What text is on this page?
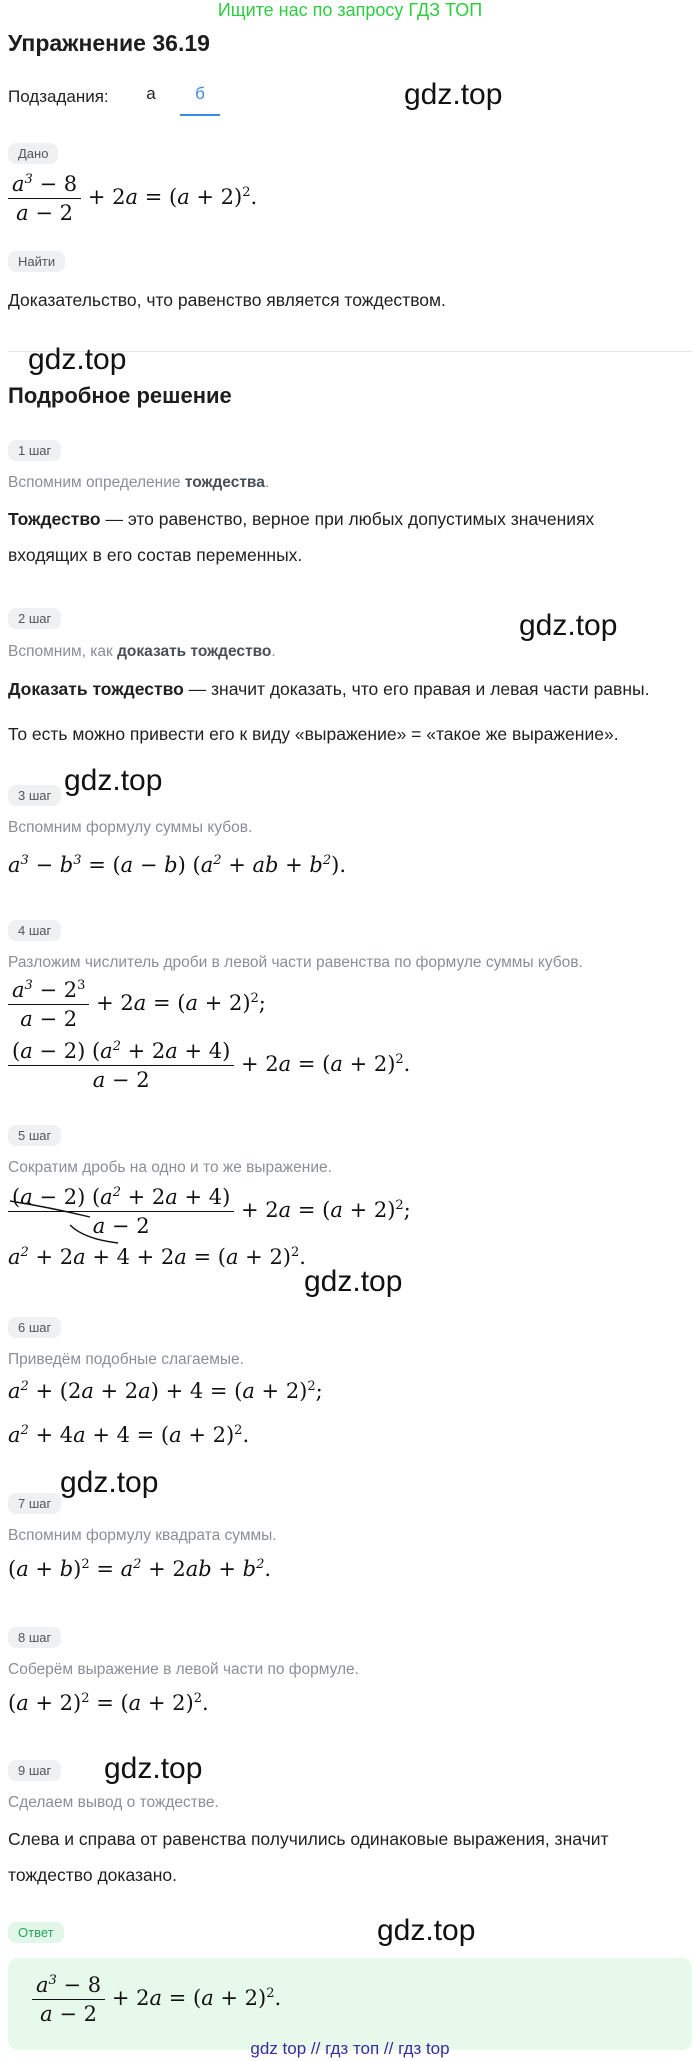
Ищите нас по запросу ГДЗ ТОП
Упражнение 36.19
Подзадания:	а	б	gdz.top
Дано
$\frac{a^3 - 8}{a - 2} + 2a = (a + 2)^2$.
Найти
Доказательство, что равенство является тождеством.
gdz.top
Подробное решение
1 шаг
Вспомним определение тождества.
Тождество — это равенство, верное при любых допустимых значениях входящих в его состав переменных.
2 шаг	gdz.top
Вспомним, как доказать тождество.
Доказать тождество — значит доказать, что его правая и левая части равны.
То есть можно привести его к виду «выражение» = «такое же выражение».
3 шаг gdz.top
Вспомним формулу суммы кубов.
$a^3 - b^3 = (a - b) (a^2$ + ab + $b^2$).
4 шаг
Разложим числитель дроби в левой части равенства по формуле суммы кубов.
$\frac{a^3 - 2^3}{a - 2} + 2a = (a + 2)^2$;
$\frac{(a - 2) (a^2 + 2a + 4)}{a - 2} + 2a = (a + 2)^2$.
5 шаг
Сократим дробь на одно и то же выражение.
$\frac{(a - 2) (a^2 + 2a + 4)}{a - 2} + 2a = (a + 2)^2$;
$a^2 + 2a + 4 + 2a = (a + 2)^2$.
gdz.top
6 шаг
Приведём подобные слагаемые.
$a^2 + (2a + 2a) + 4 = (a + 2)^2$;
$a^2 + 4a + 4 = (a + 2)^2$.
gdz.top
7 шаг
Вспомним формулу квадрата суммы.
$(a + b)^2 = a^2 + 2ab + b^2$.
8 шаг
Соберём выражение в левой части по формуле.
$(a + 2)^2 = (a + 2)^2$.
9 шаг	gdz.top
Сделаем вывод о тождестве.
Слева и справа от равенства получились одинаковые выражения, значит тождество доказано.
Ответ	gdz.top
$\frac{a^3 - 8}{a - 2} + 2a = (a + 2)^2$.
gdz top // гдз топ // гдз top
